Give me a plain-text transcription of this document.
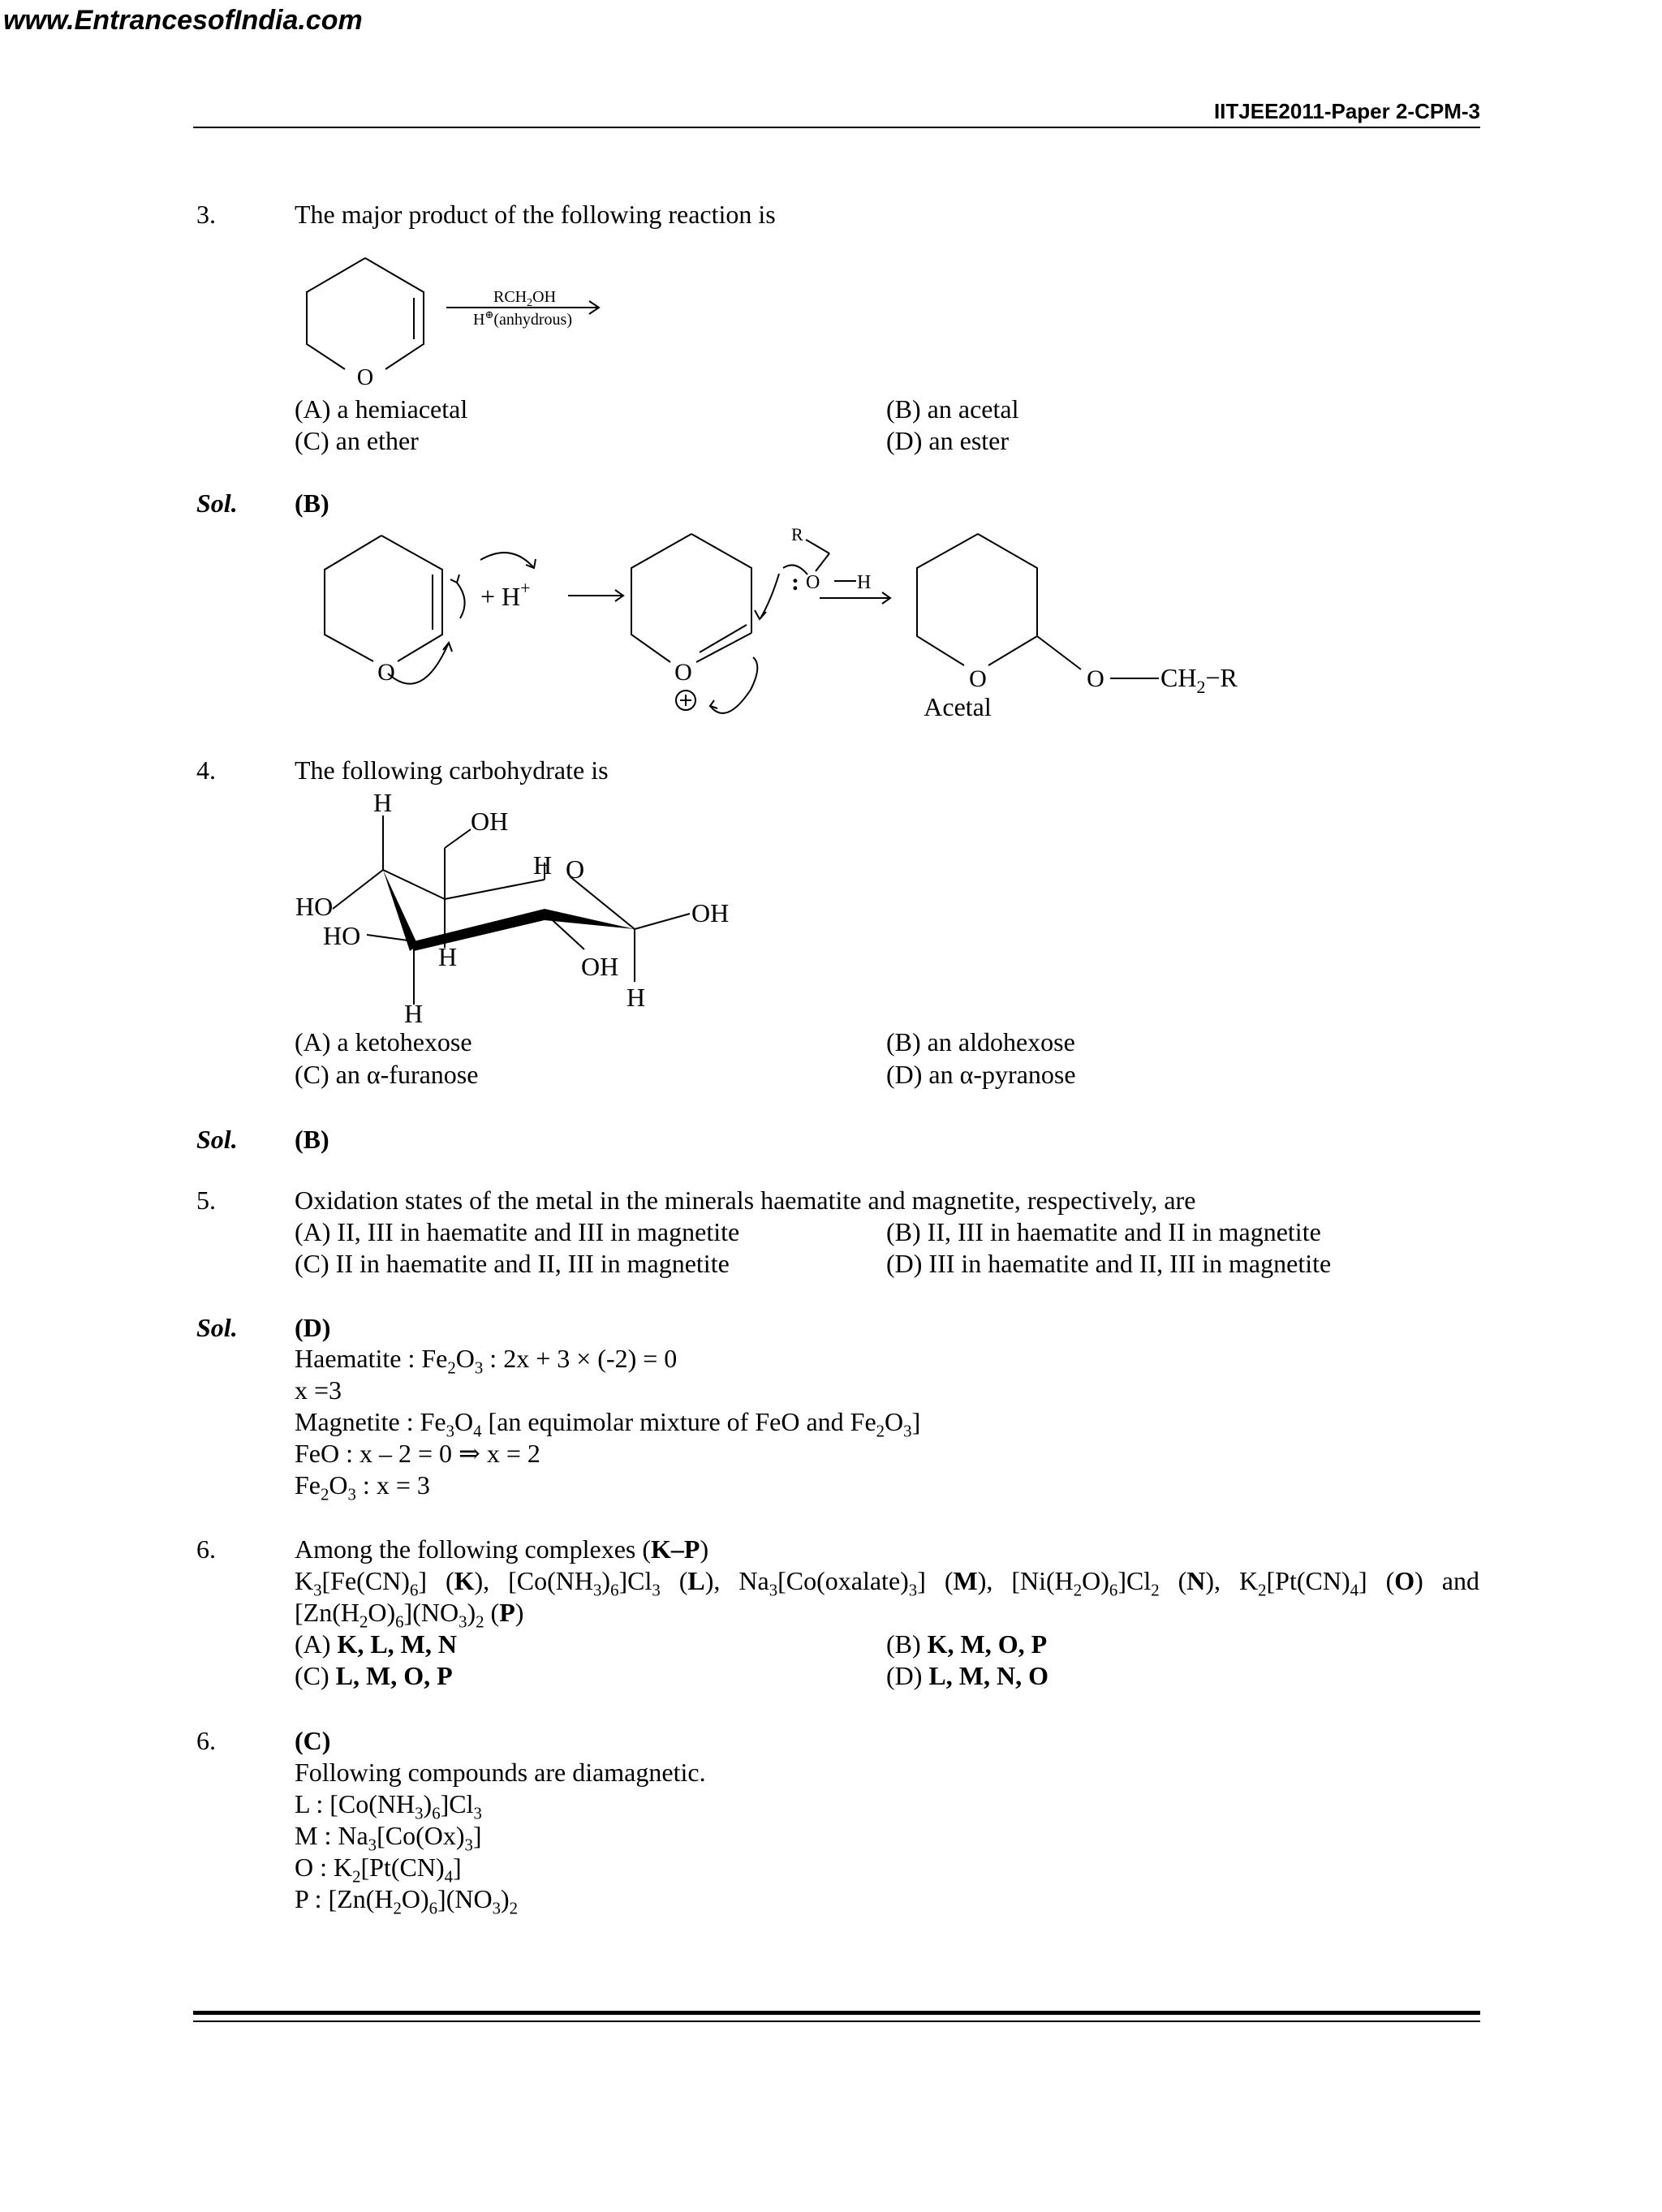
www.EntrancesofIndia.com
IITJEE2011-Paper 2-CPM-3
3.	The major product of the following reaction is
O
$RCH_2OH$
H⊕(anhydrous)
(A) a hemiacetal	(B) an acetal
(C) an ether	(D) an ester
Sol. (B)
O
+ H+
O
R
: O H
O	O $CH_2-R$
Acetal
4.	The following carbohydrate is
H
OH
H O
HO
HO
H
OH
OH
H
H
(A) a ketohexose	(B) an aldohexose
(C) an α-furanose	(D) an α-pyranose
Sol. (B)
5.	Oxidation states of the metal in the minerals haematite and magnetite, respectively, are
(A) II, III in haematite and III in magnetite	(B) II, III in haematite and II in magnetite
(C) II in haematite and II, III in magnetite	(D) III in haematite and II, III in magnetite
Sol. (D)
Haematite : $Fe_2O_3$ : 2x + 3 × (-2) = 0
x =3
Magnetite : $Fe_3O_4$ [an equimolar mixture of FeO and $Fe_2O_3$]
FeO : x – 2 = 0 ⇒ x = 2
$Fe_2O_3$ : x = 3
6.	Among the following complexes (K–P)
$K_3[Fe(CN)_6]$ (K), $[Co(NH_3)_6]Cl_3$ (L), $Na_3[Co(oxalate)_3]$ (M), $[Ni(H_2O)_6]Cl_2$ (N), $K_2[Pt(CN)_4]$ (O) and
$[Zn(H_2O)_6](NO_3)_2$ (P)
(A) K, L, M, N	(B) K, M, O, P
(C) L, M, O, P	(D) L, M, N, O
6.	(C)
Following compounds are diamagnetic.
L : $[Co(NH_3)_6]Cl_3$
M : $Na_3[Co(Ox)_3]$
O : $K_2[Pt(CN)_4]$
P : $[Zn(H_2O)_6](NO_3)_2$
